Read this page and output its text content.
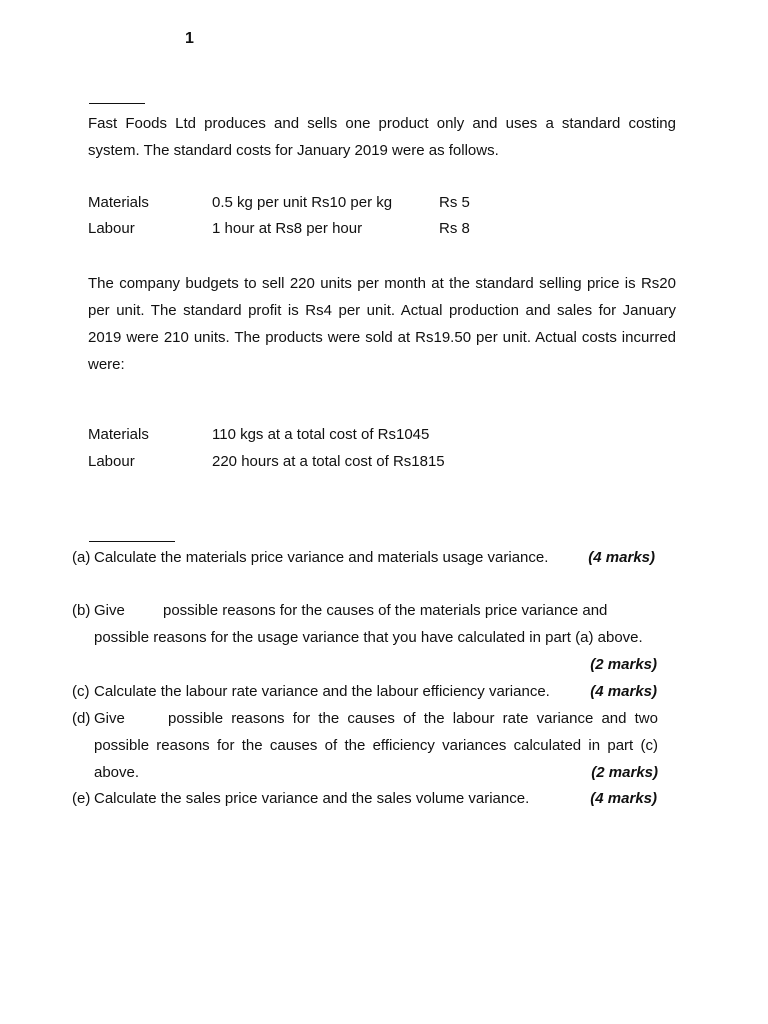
1

Fast Foods Ltd produces and sells one product only and uses a standard costing system. The standard costs for January 2019 were as follows.

Materials	0.5 kg per unit Rs10 per kg	Rs 5
Labour	1 hour at Rs8 per hour	Rs 8

The company budgets to sell 220 units per month at the standard selling price is Rs20 per unit. The standard profit is Rs4 per unit. Actual production and sales for January 2019 were 210 units. The products were sold at Rs19.50 per unit. Actual costs incurred were:

Materials	110 kgs at a total cost of Rs1045
Labour	220 hours at a total cost of Rs1815
(a) Calculate the materials price variance and materials usage variance.	(4 marks)
(b) Give	possible reasons for the causes of the materials price variance and
possible reasons for the usage variance that you have calculated in part (a) above.
(2 marks)
(c) Calculate the labour rate variance and the labour efficiency variance.	(4 marks)
(d) Give	possible reasons for the causes of the labour rate variance and two
possible reasons for the causes of the efficiency variances calculated in part (c)
above.	(2 marks)
(e) Calculate the sales price variance and the sales volume variance.	(4 marks)
